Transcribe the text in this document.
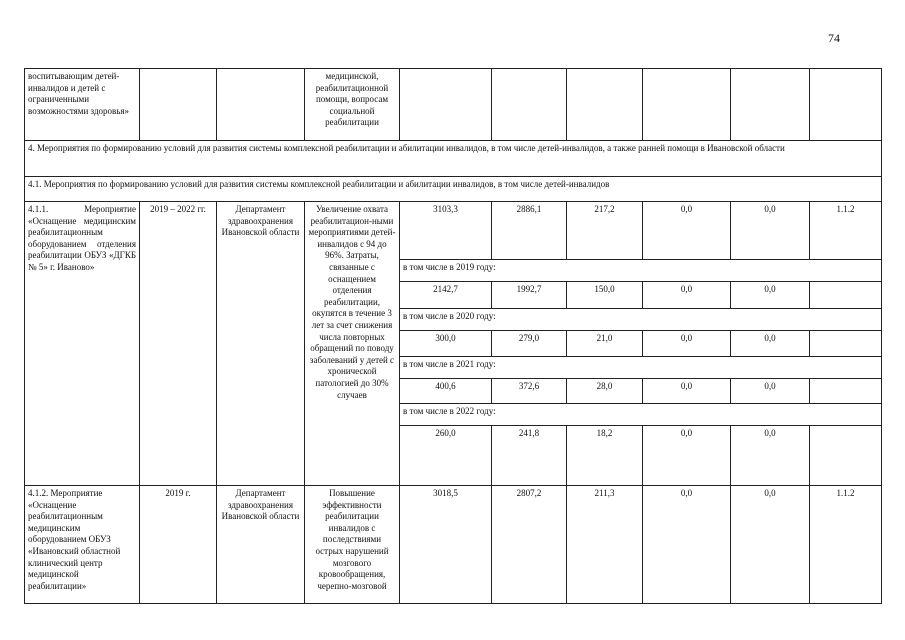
74
воспитывающим детей-инвалидов и детей с ограниченными возможностями здоровья»			медицинской, реабилитационной помощи, вопросам социальной реабилитации						
4. Мероприятия по формированию условий для развития системы комплексной реабилитации и абилитации инвалидов, в том числе детей-инвалидов, а также ранней помощи в Ивановской области									
4.1. Мероприятия по формированию условий для развития системы комплексной реабилитации и абилитации инвалидов, в том числе детей-инвалидов									
4.1.1. Мероприятие «Оснащение медицинским реабилитационным оборудованием отделения реабилитации ОБУЗ «ДГКБ № 5» г. Иваново»	2019 – 2022 гг.	Департамент здравоохранения Ивановской области	Увеличение охвата реабилитацион-ными мероприятиями детей-инвалидов с 94 до 96%. Затраты, связанные с оснащением отделения реабилитации, окупятся в течение 3 лет за счет снижения числа повторных обращений по поводу заболеваний у детей с хронической патологией до 30% случаев	3103,3	2886,1	217,2	0,0	0,0	1.1.2
				в том числе в 2019 году:					
				2142,7	1992,7	150,0	0,0	0,0	
				в том числе в 2020 году:					
				300,0	279,0	21,0	0,0	0,0	
				в том числе в 2021 году:					
				400,6	372,6	28,0	0,0	0,0	
				в том числе в 2022 году:					
				260,0	241,8	18,2	0,0	0,0	
4.1.2. Мероприятие «Оснащение реабилитационным медицинским оборудованием ОБУЗ «Ивановский областной клинический центр медицинской реабилитации»	2019 г.	Департамент здравоохранения Ивановской области	Повышение эффективности реабилитации инвалидов с последствиями острых нарушений мозгового кровообращения, черепно-мозговой	3018,5	2807,2	211,3	0,0	0,0	1.1.2
